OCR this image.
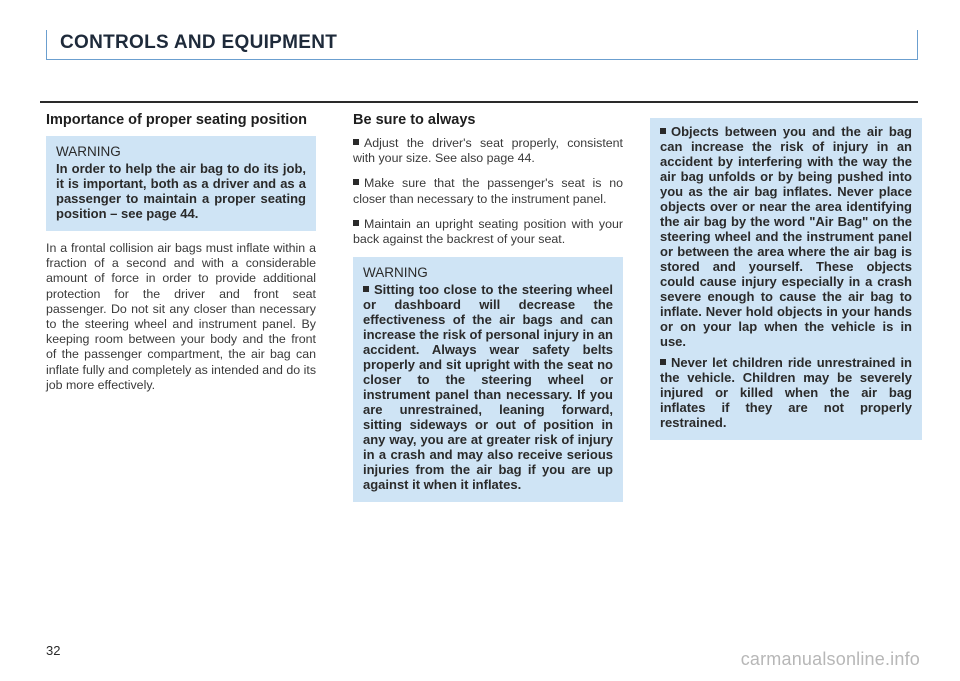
CONTROLS AND EQUIPMENT

Importance of proper seating position

WARNING

In order to help the air bag to do its job, it is important, both as a driver and as a passenger to maintain a proper seating position – see page 44.

In a frontal collision air bags must inflate within a fraction of a second and with a considerable amount of force in order to provide additional protection for the driver and front seat passenger. Do not sit any closer than necessary to the steering wheel and instrument panel. By keeping room between your body and the front of the passenger compartment, the air bag can inflate fully and completely as intended and do its job more effectively.

Be sure to always

Adjust the driver's seat properly, consistent with your size. See also page 44.

Make sure that the passenger's seat is no closer than necessary to the instrument panel.

Maintain an upright seating position with your back against the backrest of your seat.

WARNING

Sitting too close to the steering wheel or dashboard will decrease the effectiveness of the air bags and can increase the risk of personal injury in an accident. Always wear safety belts properly and sit upright with the seat no closer to the steering wheel or instrument panel than necessary. If you are unrestrained, leaning forward, sitting sideways or out of position in any way, you are at greater risk of injury in a crash and may also receive serious injuries from the air bag if you are up against it when it inflates.

Objects between you and the air bag can increase the risk of injury in an accident by interfering with the way the air bag unfolds or by being pushed into you as the air bag inflates. Never place objects over or near the area identifying the air bag by the word "Air Bag" on the steering wheel and the instrument panel or between the area where the air bag is stored and yourself. These objects could cause injury especially in a crash severe enough to cause the air bag to inflate. Never hold objects in your hands or on your lap when the vehicle is in use.

Never let children ride unrestrained in the vehicle. Children may be severely injured or killed when the air bag inflates if they are not properly restrained.

32	carmanualsonline.info
